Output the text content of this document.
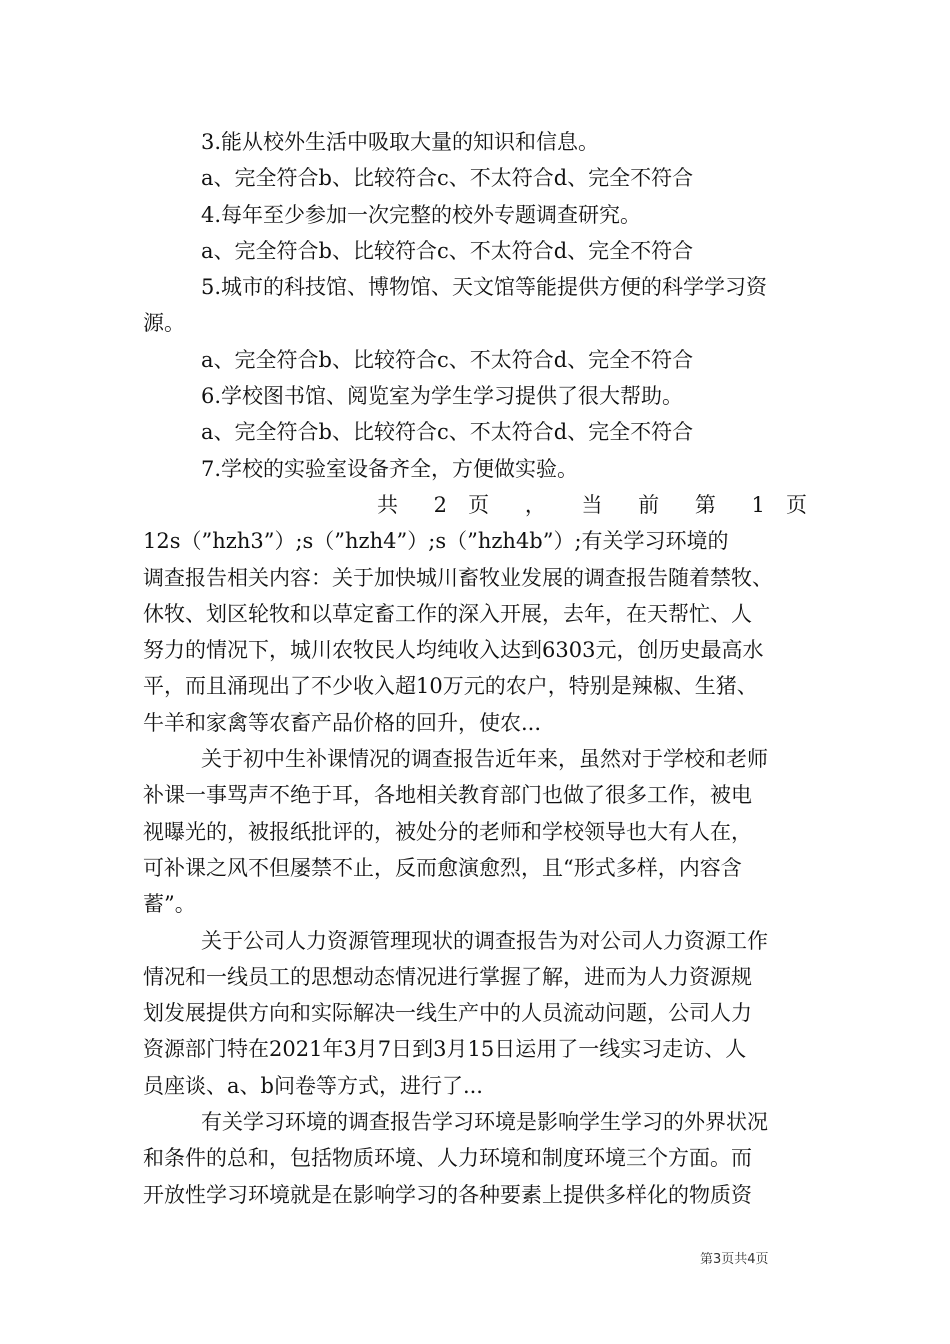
3.能从校外生活中吸取大量的知识和信息。
a、完全符合b、比较符合c、不太符合d、完全不符合
4.每年至少参加一次完整的校外专题调查研究。
a、完全符合b、比较符合c、不太符合d、完全不符合
5.城市的科技馆、博物馆、天文馆等能提供方便的科学学习资
源。
a、完全符合b、比较符合c、不太符合d、完全不符合
6.学校图书馆、阅览室为学生学习提供了很大帮助。
a、完全符合b、比较符合c、不太符合d、完全不符合
7.学校的实验室设备齐全，方便做实验。
共 2 页 ， 当 前 第 1 页
12s（”hzh3”）;s（”hzh4”）;s（”hzh4b”）;有关学习环境的
调查报告相关内容：关于加快城川畜牧业发展的调查报告随着禁牧、
休牧、划区轮牧和以草定畜工作的深入开展，去年，在天帮忙、人
努力的情况下，城川农牧民人均纯收入达到6303元，创历史最高水
平，而且涌现出了不少收入超10万元的农户，特别是辣椒、生猪、
牛羊和家禽等农畜产品价格的回升，使农...
关于初中生补课情况的调查报告近年来，虽然对于学校和老师
补课一事骂声不绝于耳，各地相关教育部门也做了很多工作，被电
视曝光的，被报纸批评的，被处分的老师和学校领导也大有人在，
可补课之风不但屡禁不止，反而愈演愈烈，且“形式多样，内容含
蓄”。
关于公司人力资源管理现状的调查报告为对公司人力资源工作
情况和一线员工的思想动态情况进行掌握了解，进而为人力资源规
划发展提供方向和实际解决一线生产中的人员流动问题，公司人力
资源部门特在2021年3月7日到3月15日运用了一线实习走访、人
员座谈、a、b问卷等方式，进行了...
有关学习环境的调查报告学习环境是影响学生学习的外界状况
和条件的总和，包括物质环境、人力环境和制度环境三个方面。而
开放性学习环境就是在影响学习的各种要素上提供多样化的物质资
第3页共4页
